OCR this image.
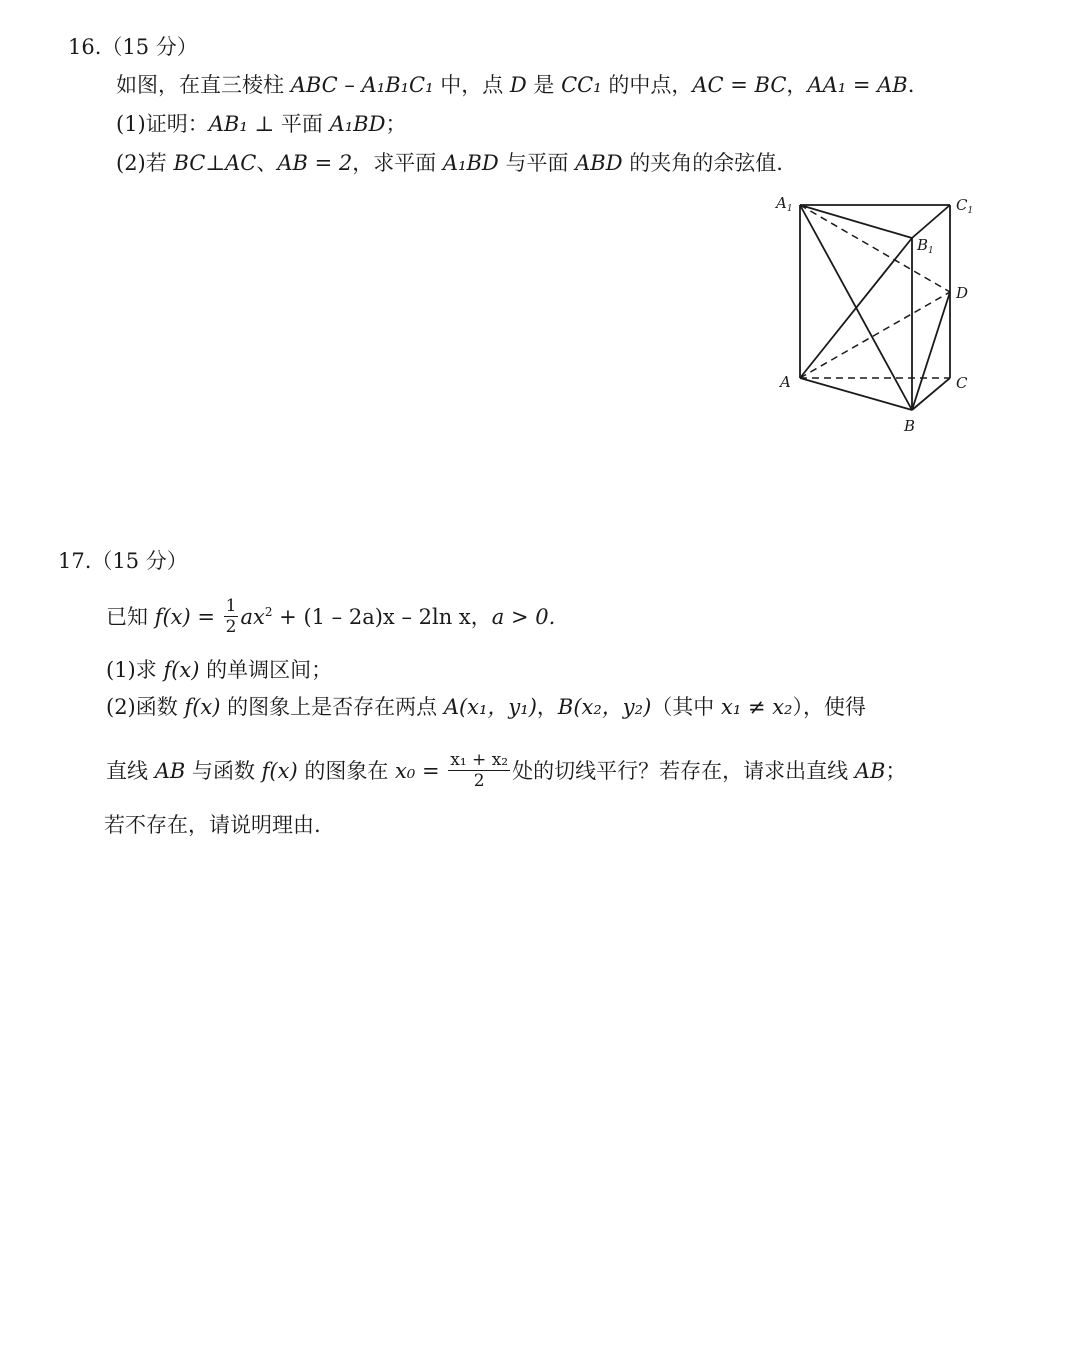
16.（15 分）
如图，在直三棱柱 ABC – A₁B₁C₁ 中，点 D 是 CC₁ 的中点，AC = BC，AA₁ = AB.
(1)证明：AB₁ ⊥ 平面 A₁BD；
(2)若 BC⊥AC、AB = 2，求平面 A₁BD 与平面 ABD 的夹角的余弦值.
$A_1$	$C_1$
$B_1$
D
A	C
B
17.（15 分）
已知 $f(x) = \frac{1}{2} ax^2 + (1 - 2a)x - 2\ln$ x，a > 0.
(1)求 f(x) 的单调区间；
(2)函数 f(x) 的图象上是否存在两点 A(x₁，y₁)，B(x₂，y₂)（其中 x₁ ≠ x₂），使得
直线 AB 与函数 f(x) 的图象在 $x_0 = \frac{\text{x₁ + x₂}}{2}$ 处的切线平行？若存在，请求出直线 AB；
若不存在，请说明理由.
